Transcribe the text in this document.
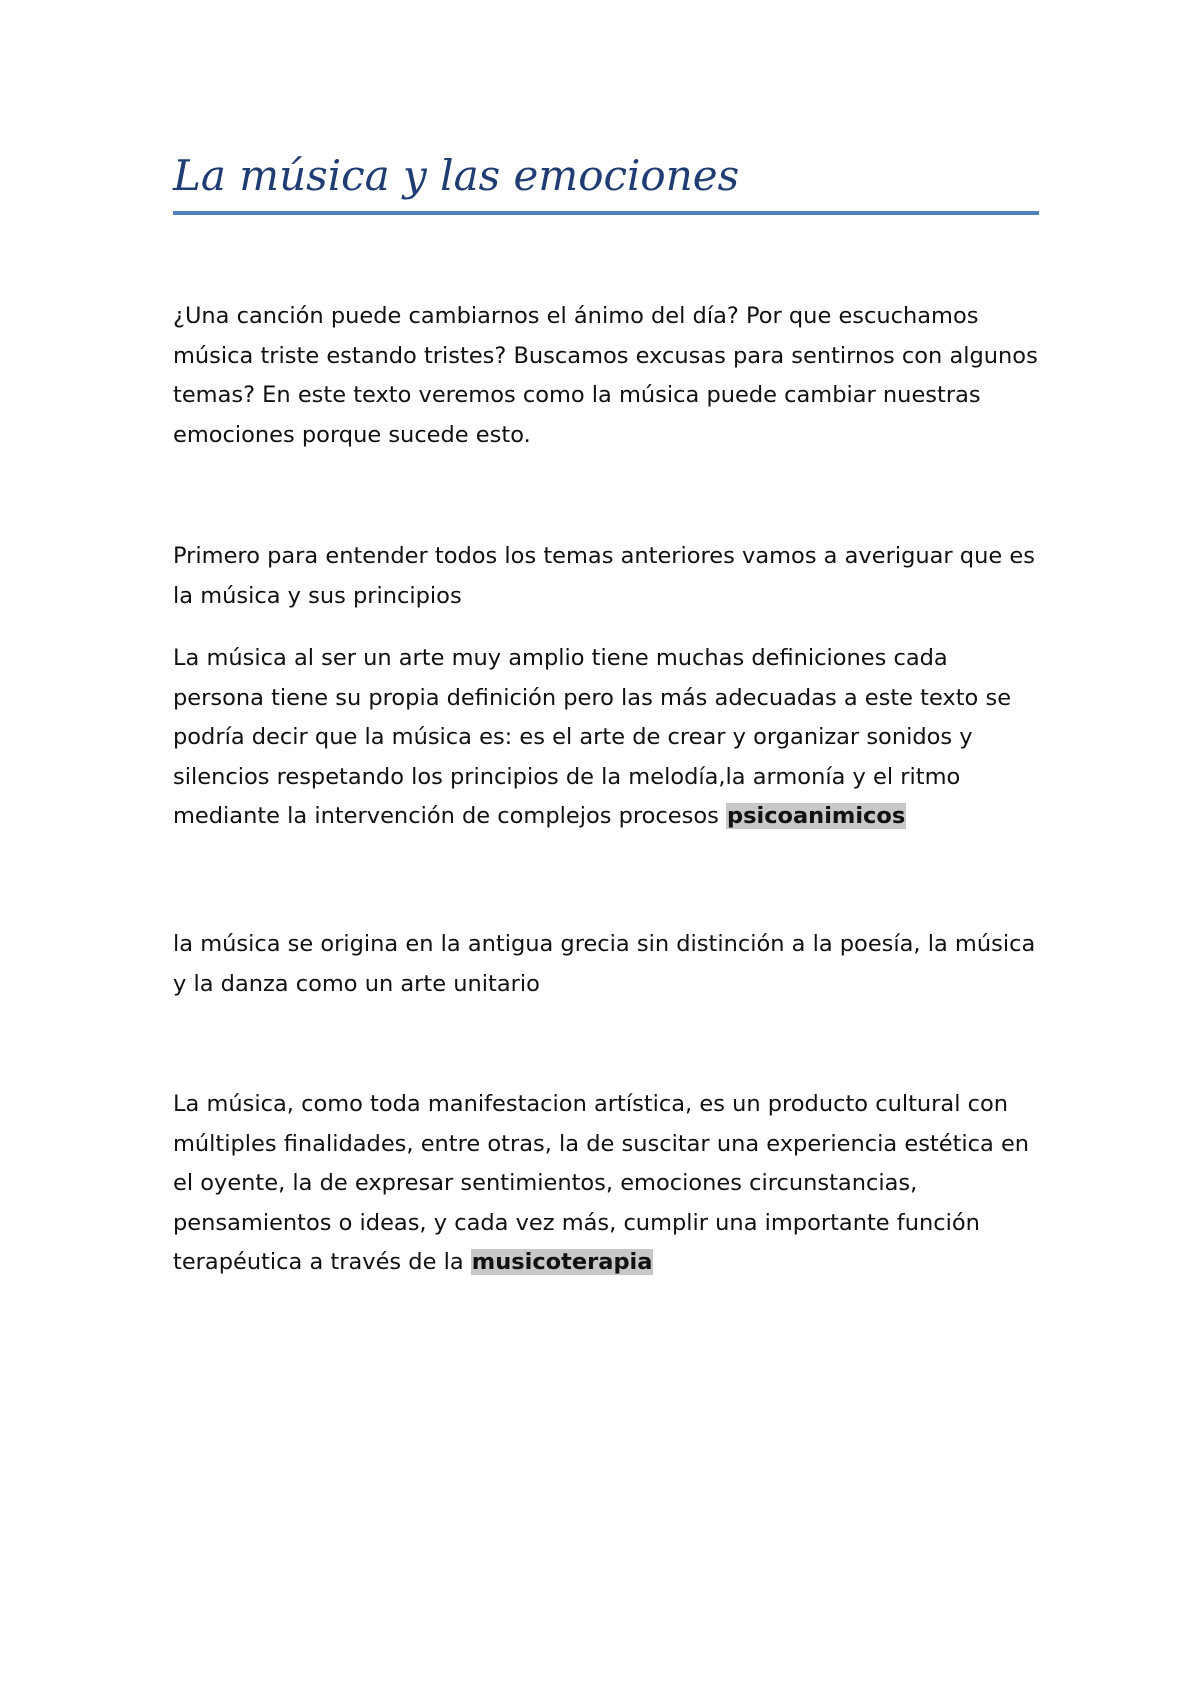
La música y las emociones

¿Una canción puede cambiarnos el ánimo del día? Por que escuchamos música triste estando tristes? Buscamos excusas para sentirnos con algunos temas? En este texto veremos como la música puede cambiar nuestras emociones porque sucede esto.

Primero para entender todos los temas anteriores vamos a averiguar que es la música y sus principios

La música al ser un arte muy amplio tiene muchas definiciones cada persona tiene su propia definición pero las más adecuadas a este texto se podría decir que la música es: es el arte de crear y organizar sonidos y silencios respetando los principios de la melodía,la armonía y el ritmo mediante la intervención de complejos procesos psicoanimicos

la música se origina en la antigua grecia sin distinción a la poesía, la música y la danza como un arte unitario

La música, como toda manifestacion artística, es un producto cultural con múltiples finalidades, entre otras, la de suscitar una experiencia estética en el oyente, la de expresar sentimientos, emociones circunstancias, pensamientos o ideas, y cada vez más, cumplir una importante función terapéutica a través de la musicoterapia
